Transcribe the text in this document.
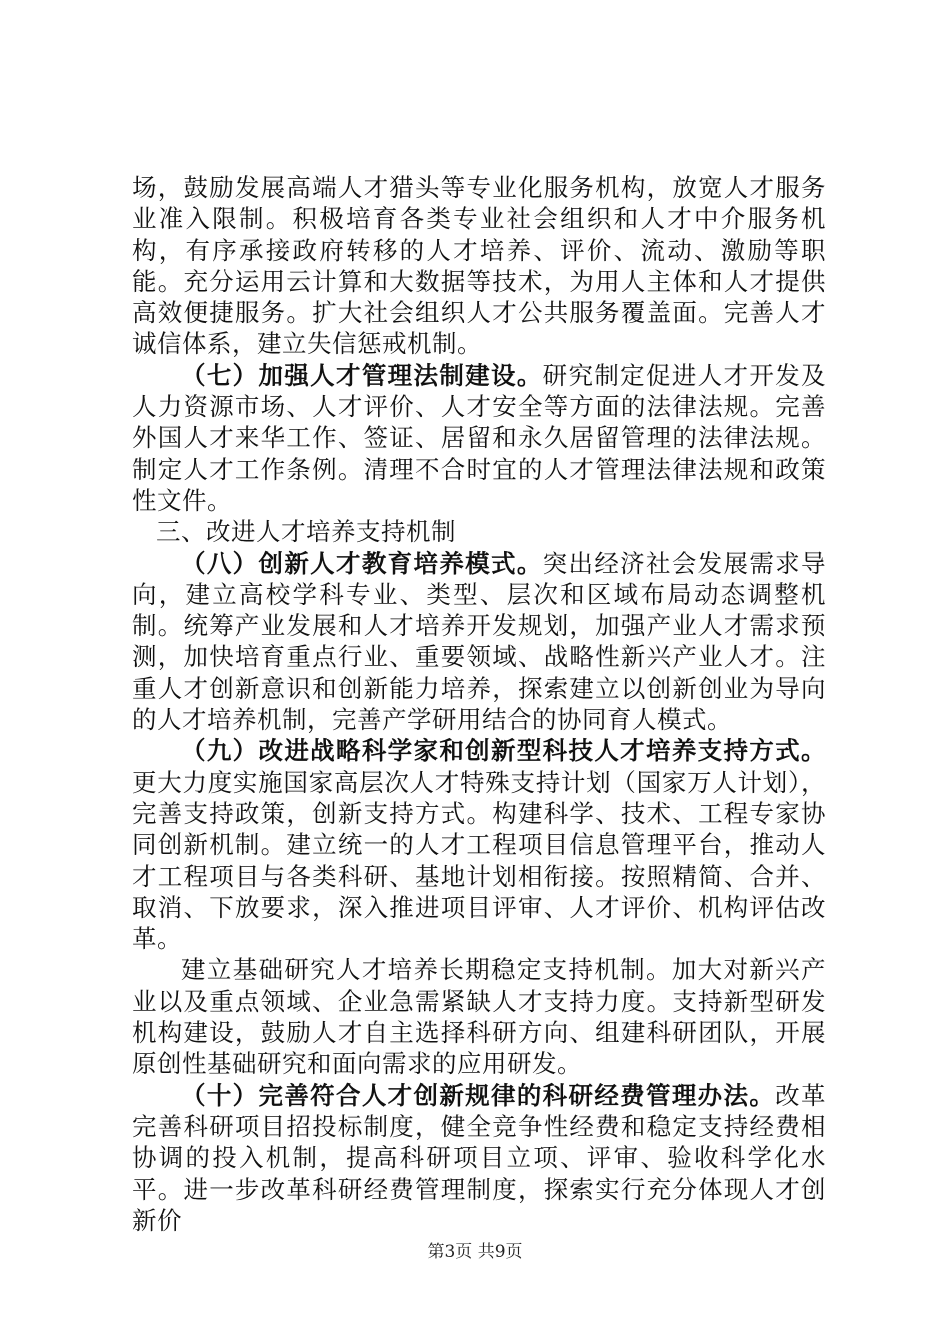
场，鼓励发展高端人才猎头等专业化服务机构，放宽人才服务业准入限制。积极培育各类专业社会组织和人才中介服务机构，有序承接政府转移的人才培养、评价、流动、激励等职能。充分运用云计算和大数据等技术，为用人主体和人才提供高效便捷服务。扩大社会组织人才公共服务覆盖面。完善人才诚信体系，建立失信惩戒机制。

（七）加强人才管理法制建设。研究制定促进人才开发及人力资源市场、人才评价、人才安全等方面的法律法规。完善外国人才来华工作、签证、居留和永久居留管理的法律法规。制定人才工作条例。清理不合时宜的人才管理法律法规和政策性文件。

三、改进人才培养支持机制

（八）创新人才教育培养模式。突出经济社会发展需求导向，建立高校学科专业、类型、层次和区域布局动态调整机制。统筹产业发展和人才培养开发规划，加强产业人才需求预测，加快培育重点行业、重要领域、战略性新兴产业人才。注重人才创新意识和创新能力培养，探索建立以创新创业为导向的人才培养机制，完善产学研用结合的协同育人模式。

（九）改进战略科学家和创新型科技人才培养支持方式。更大力度实施国家高层次人才特殊支持计划（国家万人计划），完善支持政策，创新支持方式。构建科学、技术、工程专家协同创新机制。建立统一的人才工程项目信息管理平台，推动人才工程项目与各类科研、基地计划相衔接。按照精简、合并、取消、下放要求，深入推进项目评审、人才评价、机构评估改革。

建立基础研究人才培养长期稳定支持机制。加大对新兴产业以及重点领域、企业急需紧缺人才支持力度。支持新型研发机构建设，鼓励人才自主选择科研方向、组建科研团队，开展原创性基础研究和面向需求的应用研发。

（十）完善符合人才创新规律的科研经费管理办法。改革完善科研项目招投标制度，健全竞争性经费和稳定支持经费相协调的投入机制，提高科研项目立项、评审、验收科学化水平。进一步改革科研经费管理制度，探索实行充分体现人才创新价

第3页 共9页
